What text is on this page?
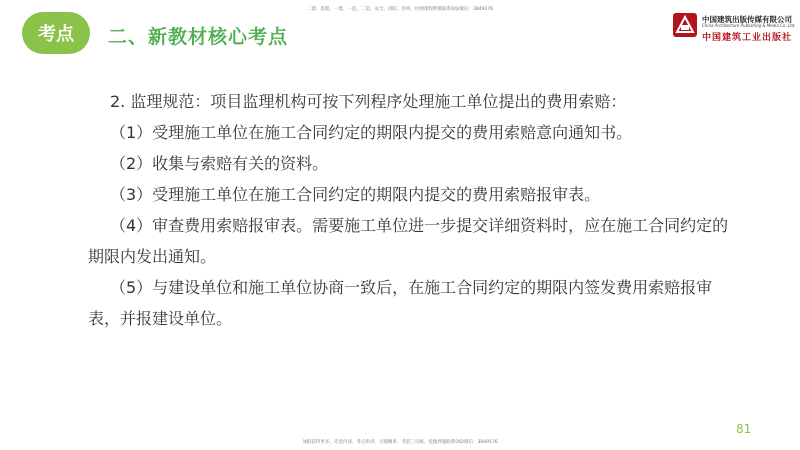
二建、监理、一建、一造、二造、安全、消防、咨询、检测课程押题联系QQ/微信：3849176
考点	二、新教材核心考点
中国建筑出版传媒有限公司
China Architecture Publishing & Media Co.,Ltd.
中国建筑工业出版社

2. 监理规范：项目监理机构可按下列程序处理施工单位提出的费用索赔：

（1）受理施工单位在施工合同约定的期限内提交的费用索赔意向通知书。

（2）收集与索赔有关的资料。

（3）受理施工单位在施工合同约定的期限内提交的费用索赔报审表。

（4）审查费用索赔报审表。需要施工单位进一步提交详细资料时，应在施工合同约定的期限内发出通知。

（5）与建设单位和施工单位协商一致后，在施工合同约定的期限内签发费用索赔报审表，并报建设单位。

81
加群获得更多、夹金内训、考点串讲、习题精讲、考前三页纸、抢跑押题联系QQ/微信：3849176
